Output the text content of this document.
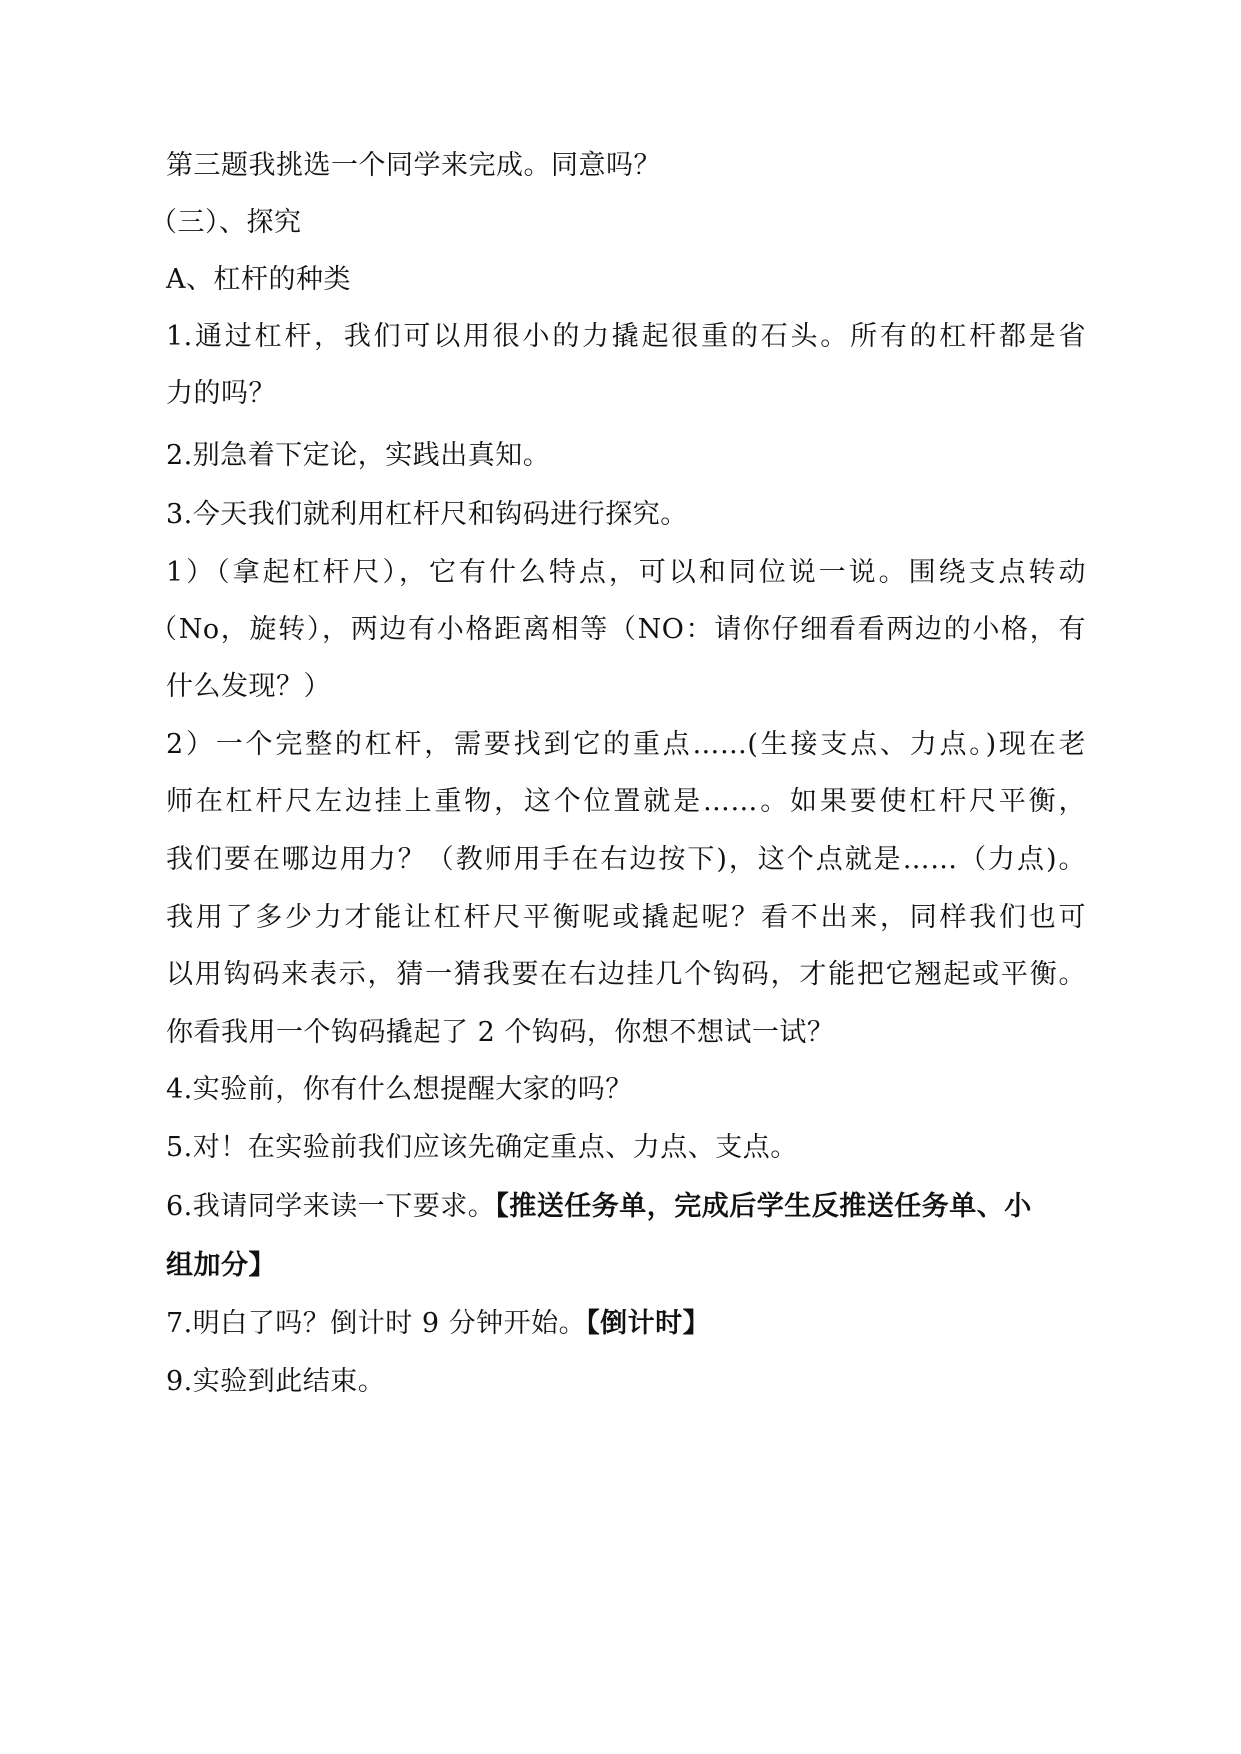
第三题我挑选一个同学来完成。同意吗？
（三）、探究
A、杠杆的种类
1.通过杠杆，我们可以用很小的力撬起很重的石头。所有的杠杆都是省
力的吗？
2.别急着下定论，实践出真知。
3.今天我们就利用杠杆尺和钩码进行探究。
1）（拿起杠杆尺），它有什么特点，可以和同位说一说。围绕支点转动
（No，旋转），两边有小格距离相等（NO：请你仔细看看两边的小格，有
什么发现？）
2）一个完整的杠杆，需要找到它的重点……(生接支点、力点。)现在老
师在杠杆尺左边挂上重物，这个位置就是……。如果要使杠杆尺平衡，
我们要在哪边用力？（教师用手在右边按下)，这个点就是……（力点)。
我用了多少力才能让杠杆尺平衡呢或撬起呢？看不出来，同样我们也可
以用钩码来表示，猜一猜我要在右边挂几个钩码，才能把它翘起或平衡。
你看我用一个钩码撬起了 2 个钩码，你想不想试一试？
4.实验前，你有什么想提醒大家的吗？
5.对！在实验前我们应该先确定重点、力点、支点。
6.我请同学来读一下要求。【推送任务单，完成后学生反推送任务单、小
组加分】
7.明白了吗？倒计时 9 分钟开始。【倒计时】
9.实验到此结束。
